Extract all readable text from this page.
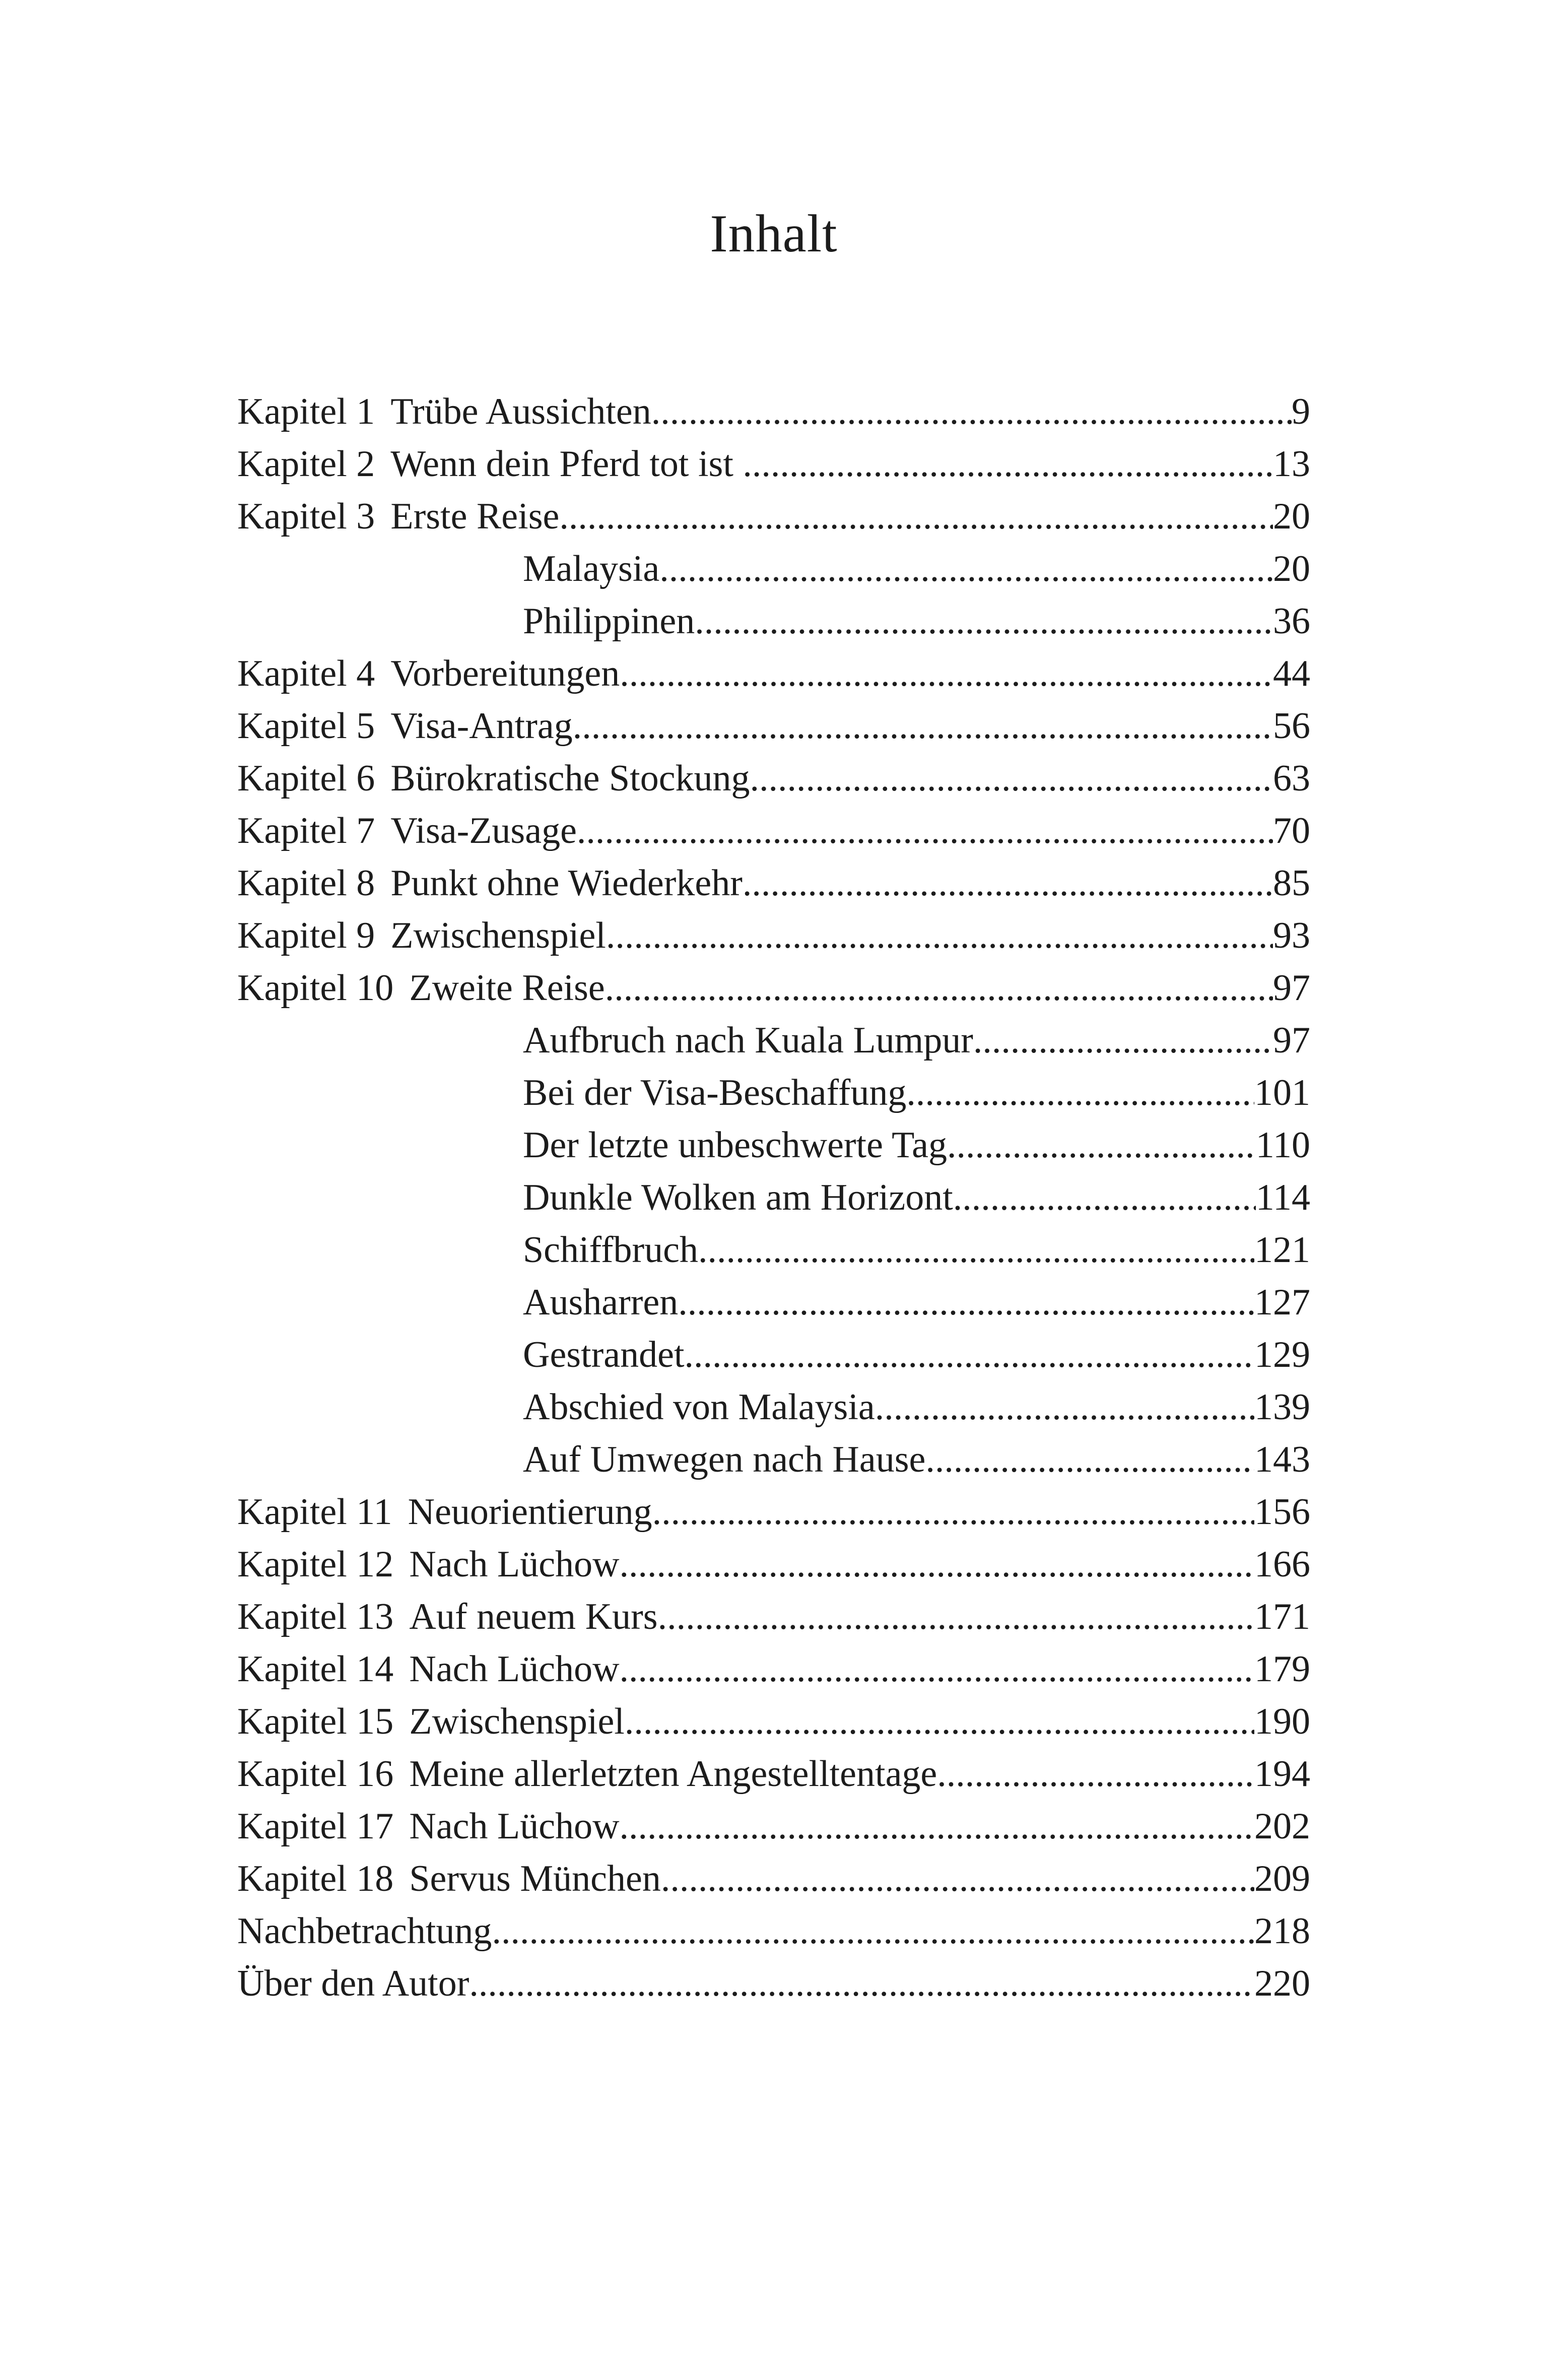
Inhalt
Kapitel 1 Trübe Aussichten .....	9
Kapitel 2 Wenn dein Pferd tot ist .....	13
Kapitel 3 Erste Reise .....	20
Malaysia .....	20
Philippinen .....	36
Kapitel 4 Vorbereitungen .....	44
Kapitel 5 Visa-Antrag .....	56
Kapitel 6 Bürokratische Stockung .....	63
Kapitel 7 Visa-Zusage .....	70
Kapitel 8 Punkt ohne Wiederkehr .....	85
Kapitel 9 Zwischenspiel .....	93
Kapitel 10 Zweite Reise .....	97
Aufbruch nach Kuala Lumpur .....	97
Bei der Visa-Beschaffung .....	101
Der letzte unbeschwerte Tag .....	110
Dunkle Wolken am Horizont .....	114
Schiffbruch .....	121
Ausharren .....	127
Gestrandet .....	129
Abschied von Malaysia .....	139
Auf Umwegen nach Hause .....	143
Kapitel 11 Neuorientierung .....	156
Kapitel 12 Nach Lüchow .....	166
Kapitel 13 Auf neuem Kurs .....	171
Kapitel 14 Nach Lüchow .....	179
Kapitel 15 Zwischenspiel .....	190
Kapitel 16 Meine allerletzten Angestelltentage .....	194
Kapitel 17 Nach Lüchow .....	202
Kapitel 18 Servus München .....	209
Nachbetrachtung .....	218
Über den Autor .....	220
